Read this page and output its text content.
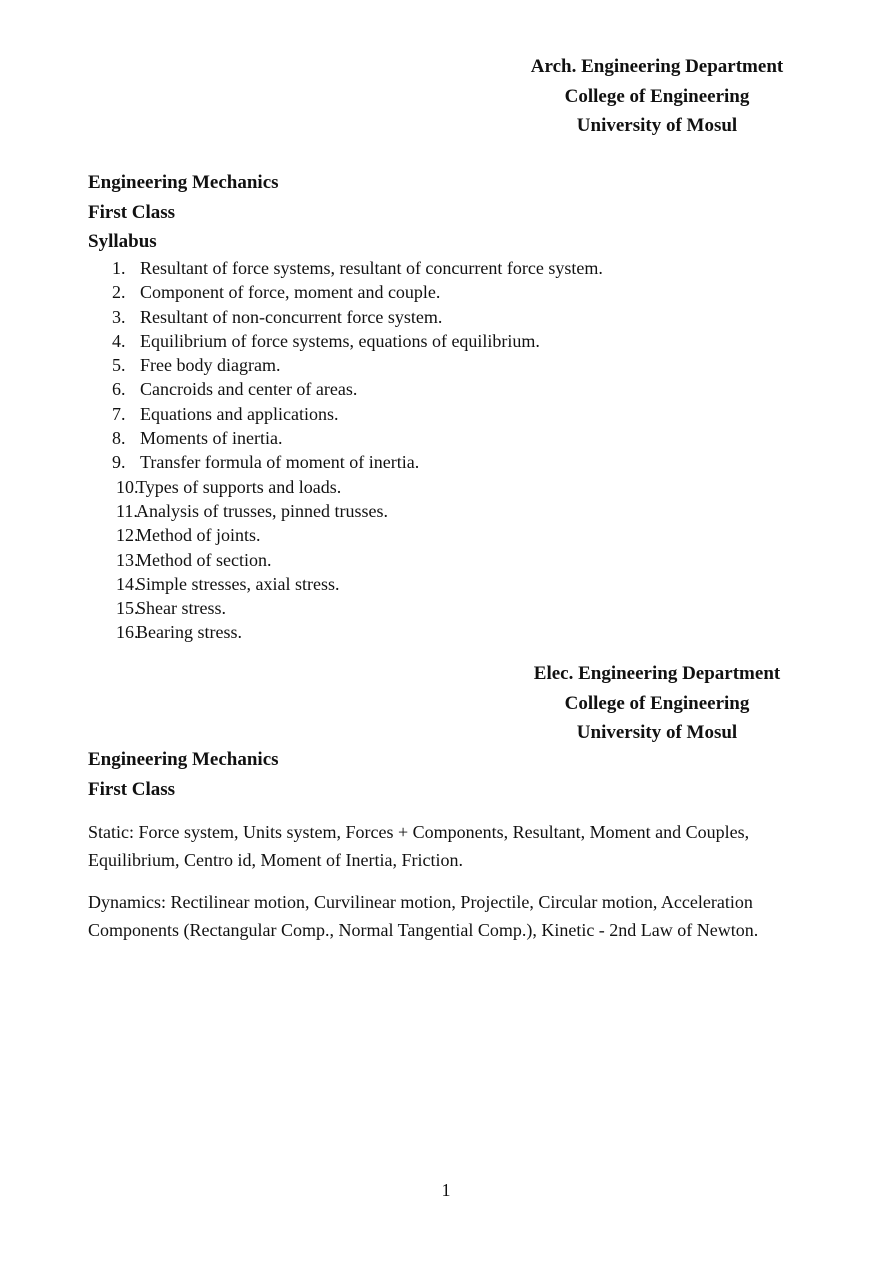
Arch. Engineering Department
College of Engineering
University of Mosul
Engineering Mechanics
First Class
Syllabus
1. Resultant of force systems, resultant of concurrent force system.
2. Component of force, moment and couple.
3. Resultant of non-concurrent force system.
4. Equilibrium of force systems, equations of equilibrium.
5. Free body diagram.
6. Cancroids and center of areas.
7. Equations and applications.
8. Moments of inertia.
9. Transfer formula of moment of inertia.
10.
Types of supports and loads.
11.
Analysis of trusses, pinned trusses.
12.
Method of joints.
13.
Method of section.
14.
Simple stresses, axial stress.
15.
Shear stress.
16.
Bearing stress.
Elec. Engineering Department
College of Engineering
University of Mosul
Engineering Mechanics
First Class

Static: Force system, Units system, Forces + Components, Resultant, Moment and Couples, Equilibrium, Centro id, Moment of Inertia, Friction.

Dynamics: Rectilinear motion, Curvilinear motion, Projectile, Circular motion, Acceleration Components (Rectangular Comp., Normal Tangential Comp.), Kinetic - 2nd Law of Newton.

1
